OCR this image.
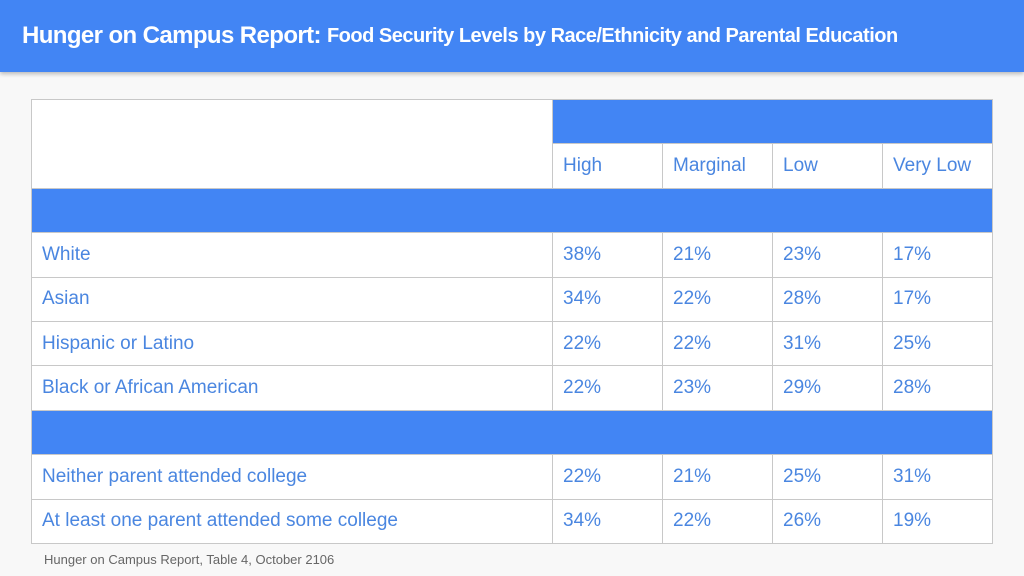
Hunger on Campus Report: Food Security Levels by Race/Ethnicity and Parental Education

	High	Marginal	Low	Very Low

White	38%	21%	23%	17%
Asian	34%	22%	28%	17%
Hispanic or Latino	22%	22%	31%	25%
Black or African American	22%	23%	29%	28%

Neither parent attended college	22%	21%	25%	31%
At least one parent attended some college	34%	22%	26%	19%
Hunger on Campus Report, Table 4, October 2106
